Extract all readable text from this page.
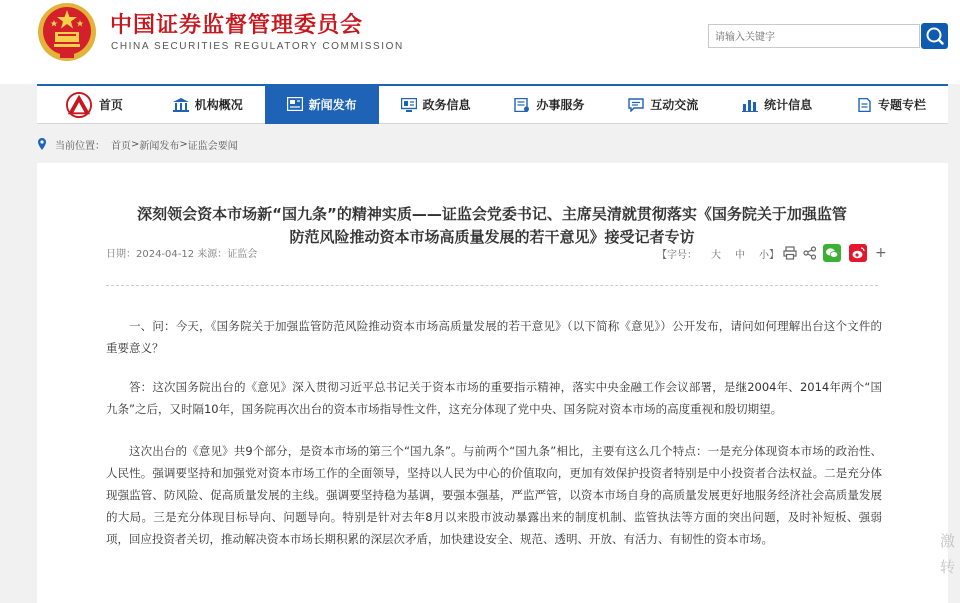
中国证券监督管理委员会
CHINA SECURITIES REGULATORY COMMISSION
请输入关键字
首页	机构概况	新闻发布	政务信息	办事服务	互动交流	统计信息	专题专栏
当前位置： 首页 > 新闻发布 > 证监会要闻
深刻领会资本市场新“国九条”的精神实质——证监会党委书记、主席吴清就贯彻落实《国务院关于加强监管
防范风险推动资本市场高质量发展的若干意见》接受记者专访
日期：2024-04-12 来源：证监会	【字号： 大 中 小】	+

一、问：今天，《国务院关于加强监管防范风险推动资本市场高质量发展的若干意见》（以下简称《意见》）公开发布，请问如何理解出台这个文件的重要意义？

答：这次国务院出台的《意见》深入贯彻习近平总书记关于资本市场的重要指示精神，落实中央金融工作会议部署，是继2004年、2014年两个“国九条”之后，又时隔10年，国务院再次出台的资本市场指导性文件，这充分体现了党中央、国务院对资本市场的高度重视和殷切期望。

这次出台的《意见》共9个部分，是资本市场的第三个“国九条”。与前两个“国九条”相比，主要有这么几个特点：一是充分体现资本市场的政治性、人民性。强调要坚持和加强党对资本市场工作的全面领导，坚持以人民为中心的价值取向，更加有效保护投资者特别是中小投资者合法权益。二是充分体现强监管、防风险、促高质量发展的主线。强调要坚持稳为基调，要强本强基，严监严管，以资本市场自身的高质量发展更好地服务经济社会高质量发展的大局。三是充分体现目标导向、问题导向。特别是针对去年8月以来股市波动暴露出来的制度机制、监管执法等方面的突出问题，及时补短板、强弱项，回应投资者关切，推动解决资本市场长期积累的深层次矛盾，加快建设安全、规范、透明、开放、有活力、有韧性的资本市场。	激转
